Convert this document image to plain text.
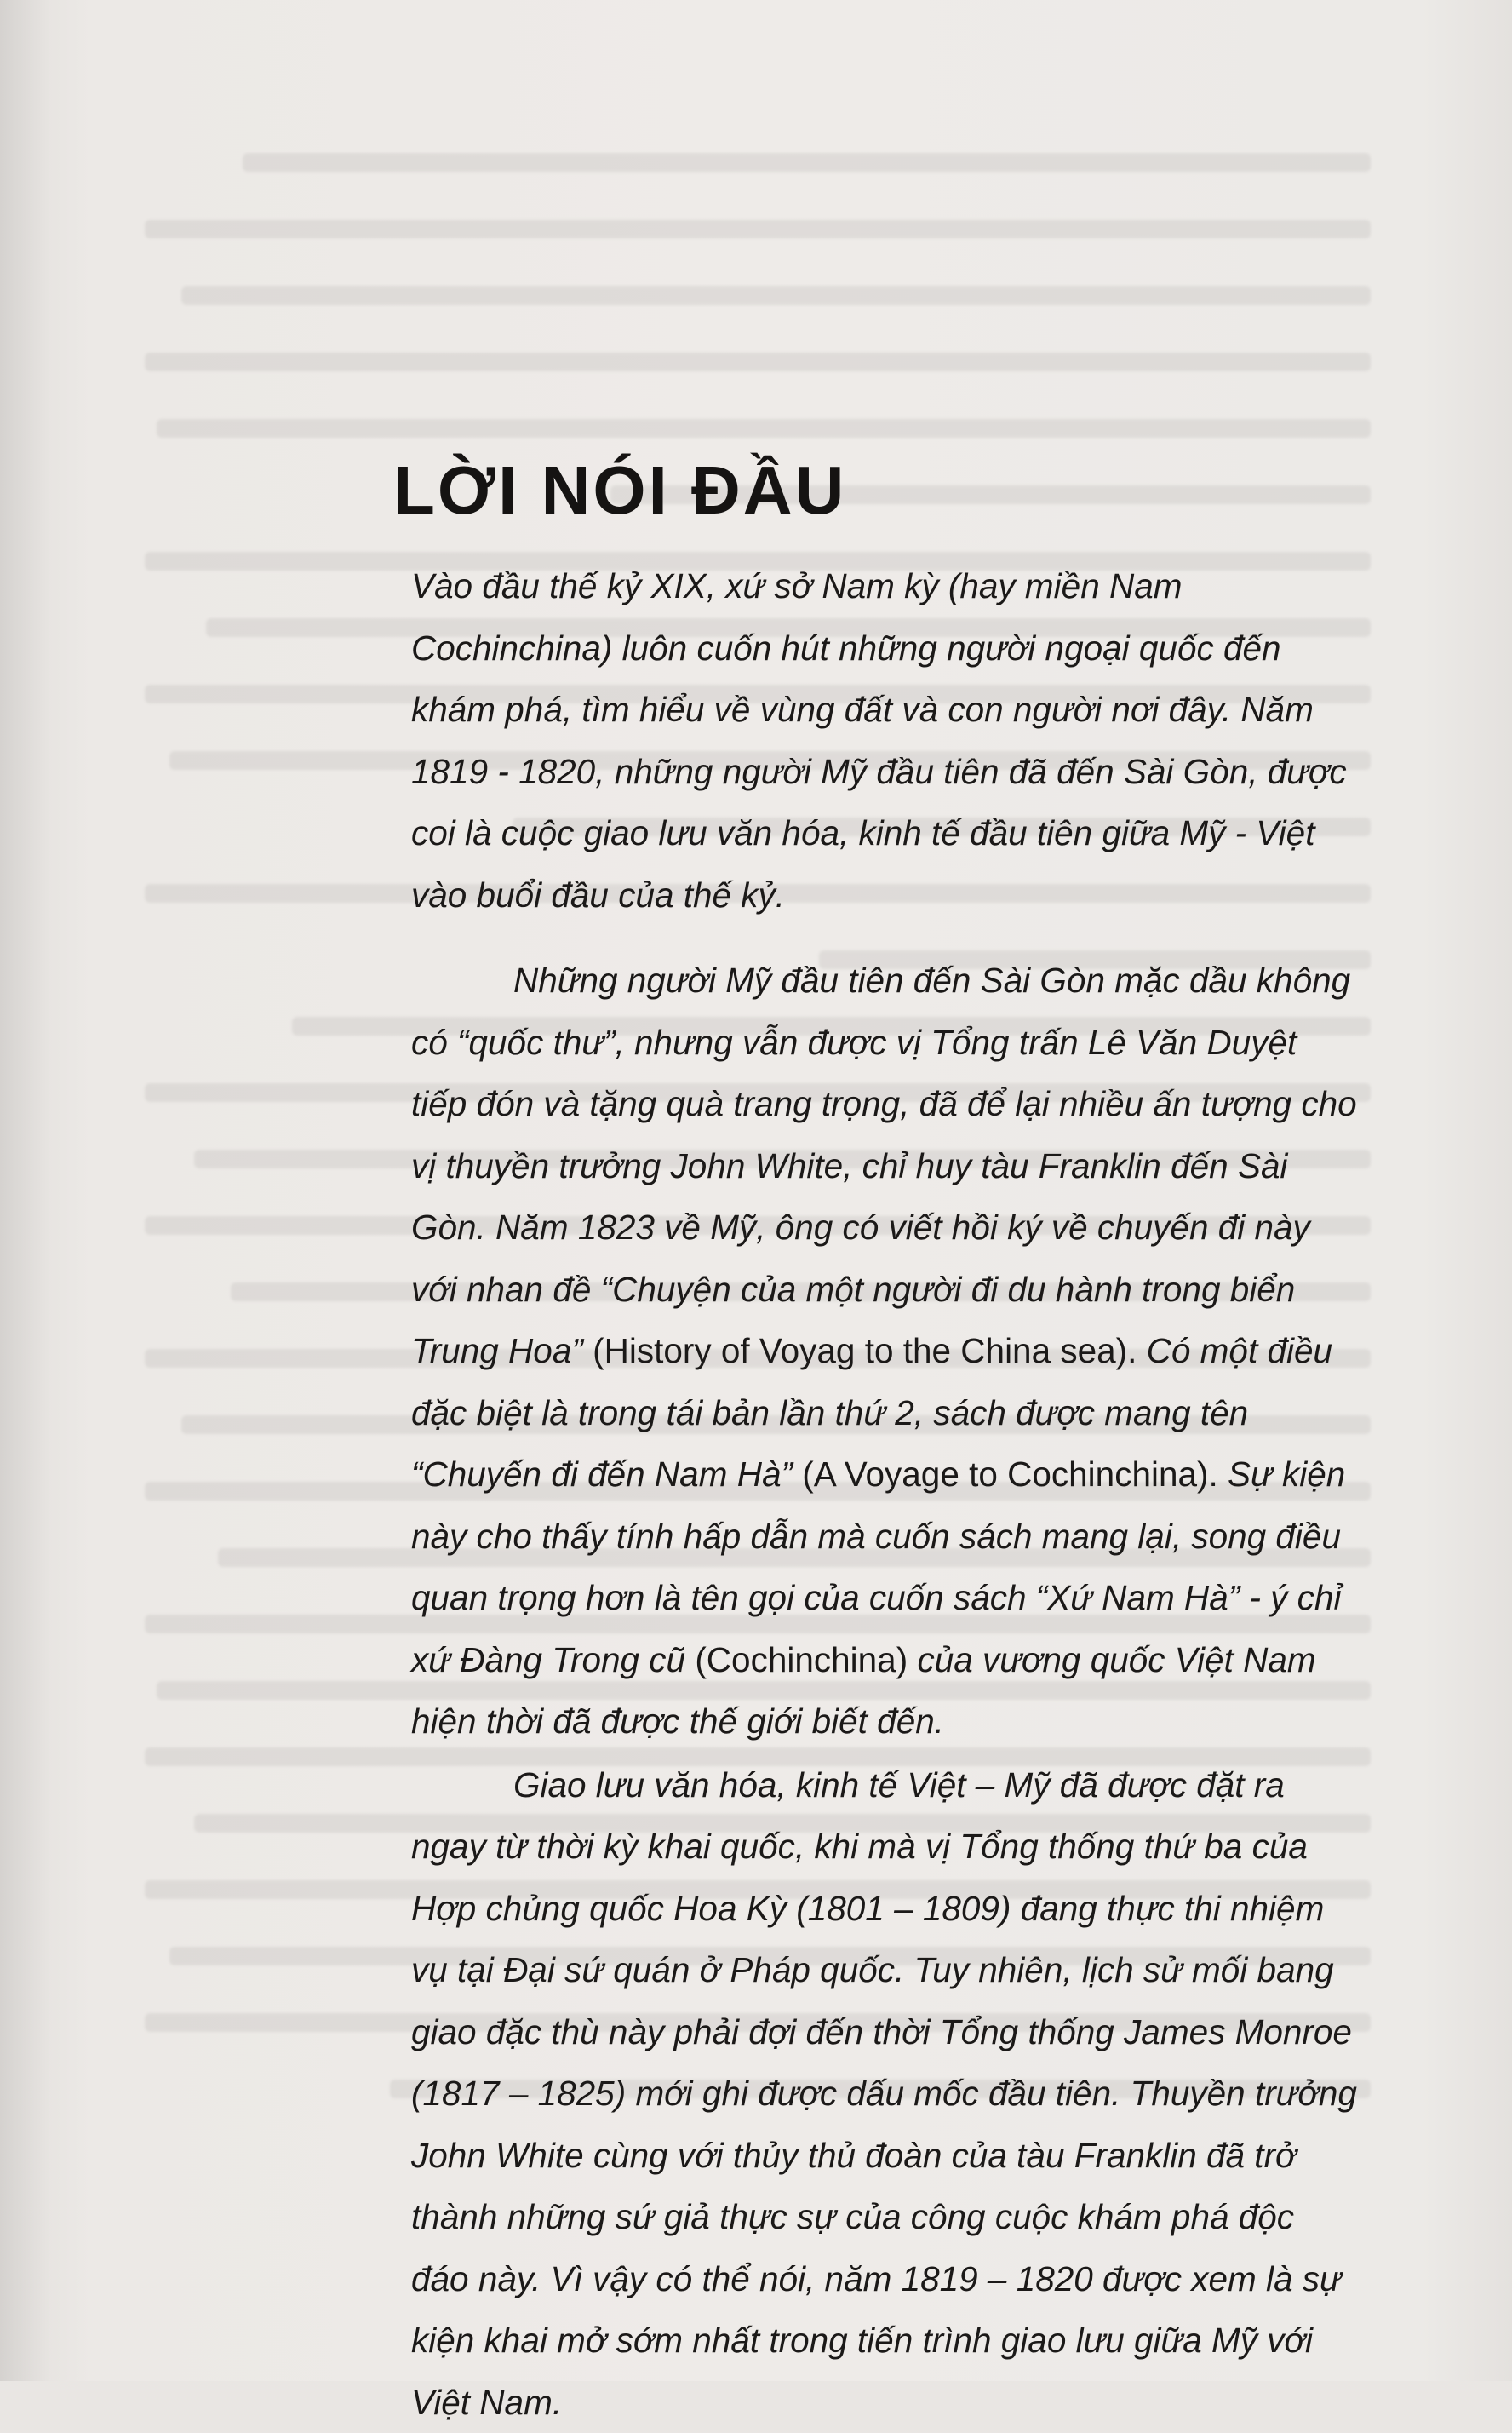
LỜI NÓI ĐẦU

Vào đầu thế kỷ XIX, xứ sở Nam kỳ (hay miền Nam Cochinchina) luôn cuốn hút những người ngoại quốc đến khám phá, tìm hiểu về vùng đất và con người nơi đây. Năm 1819 - 1820, những người Mỹ đầu tiên đã đến Sài Gòn, được coi là cuộc giao lưu văn hóa, kinh tế đầu tiên giữa Mỹ - Việt vào buổi đầu của thế kỷ.

Những người Mỹ đầu tiên đến Sài Gòn mặc dầu không có “quốc thư”, nhưng vẫn được vị Tổng trấn Lê Văn Duyệt tiếp đón và tặng quà trang trọng, đã để lại nhiều ấn tượng cho vị thuyền trưởng John White, chỉ huy tàu Franklin đến Sài Gòn. Năm 1823 về Mỹ, ông có viết hồi ký về chuyến đi này với nhan đề “Chuyện của một người đi du hành trong biển Trung Hoa” (History of Voyag to the China sea). Có một điều đặc biệt là trong tái bản lần thứ 2, sách được mang tên “Chuyến đi đến Nam Hà” (A Voyage to Cochinchina). Sự kiện này cho thấy tính hấp dẫn mà cuốn sách mang lại, song điều quan trọng hơn là tên gọi của cuốn sách “Xứ Nam Hà” - ý chỉ xứ Đàng Trong cũ (Cochinchina) của vương quốc Việt Nam hiện thời đã được thế giới biết đến.

Giao lưu văn hóa, kinh tế Việt – Mỹ đã được đặt ra ngay từ thời kỳ khai quốc, khi mà vị Tổng thống thứ ba của Hợp chủng quốc Hoa Kỳ (1801 – 1809) đang thực thi nhiệm vụ tại Đại sứ quán ở Pháp quốc. Tuy nhiên, lịch sử mối bang giao đặc thù này phải đợi đến thời Tổng thống James Monroe (1817 – 1825) mới ghi được dấu mốc đầu tiên. Thuyền trưởng John White cùng với thủy thủ đoàn của tàu Franklin đã trở thành những sứ giả thực sự của công cuộc khám phá độc đáo này. Vì vậy có thể nói, năm 1819 – 1820 được xem là sự kiện khai mở sớm nhất trong tiến trình giao lưu giữa Mỹ với Việt Nam.
